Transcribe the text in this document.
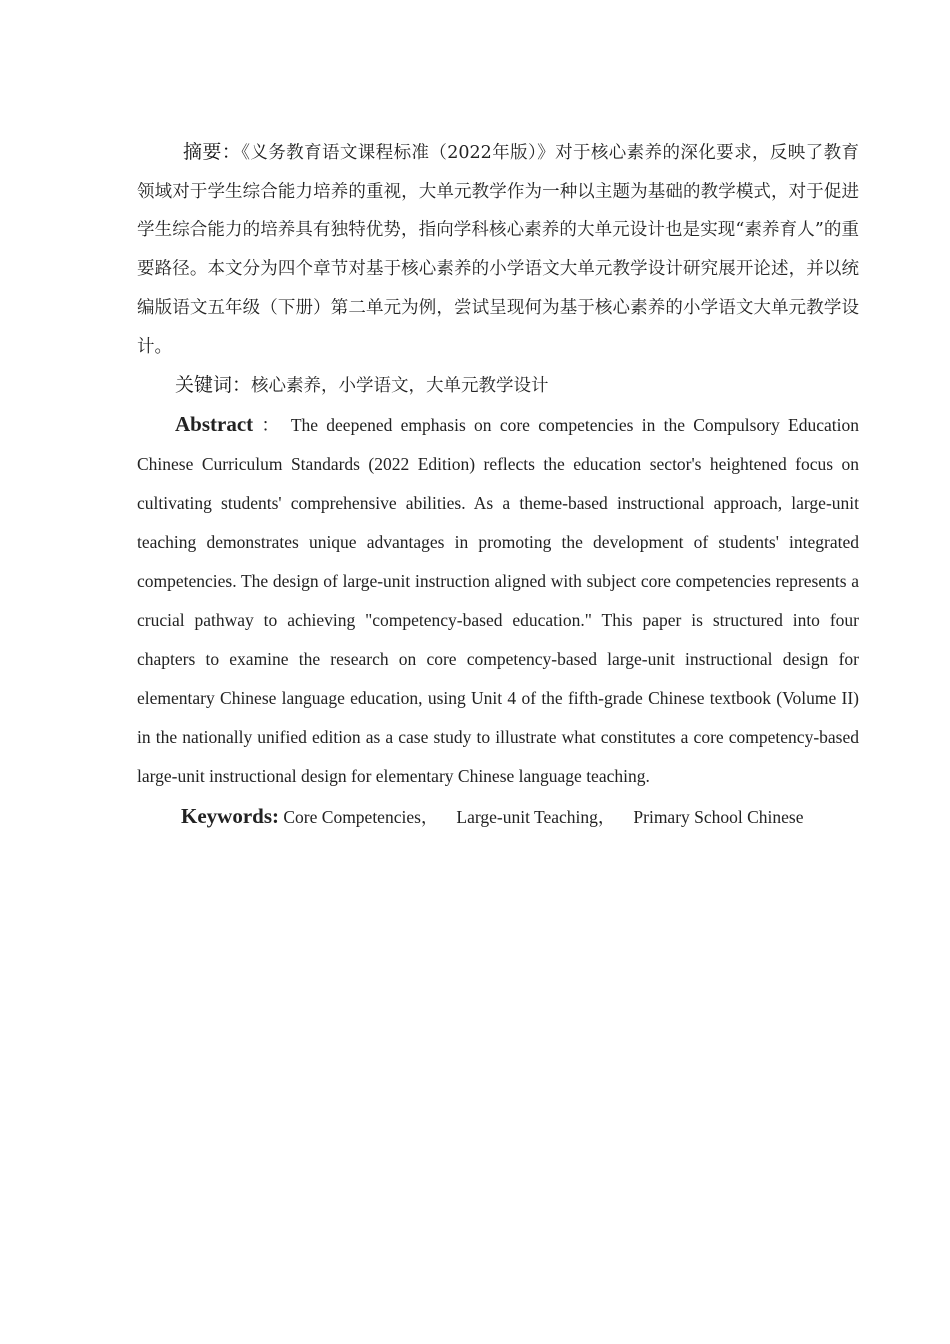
摘要：《义务教育语文课程标准（2022年版）》对于核心素养的深化要求，反映了教育领域对于学生综合能力培养的重视，大单元教学作为一种以主题为基础的教学模式，对于促进学生综合能力的培养具有独特优势，指向学科核心素养的大单元设计也是实现“素养育人”的重要路径。本文分为四个章节对基于核心素养的小学语文大单元教学设计研究展开论述，并以统编版语文五年级（下册）第二单元为例，尝试呈现何为基于核心素养的小学语文大单元教学设计。

关键词：核心素养，小学语文，大单元教学设计

Abstract ： The deepened emphasis on core competencies in the Compulsory Education Chinese Curriculum Standards (2022 Edition) reflects the education sector's heightened focus on cultivating students' comprehensive abilities. As a theme-based instructional approach, large-unit teaching demonstrates unique advantages in promoting the development of students' integrated competencies. The design of large-unit instruction aligned with subject core competencies represents a crucial pathway to achieving "competency-based education." This paper is structured into four chapters to examine the research on core competency-based large-unit instructional design for elementary Chinese language education, using Unit 4 of the fifth-grade Chinese textbook (Volume II) in the nationally unified edition as a case study to illustrate what constitutes a core competency-based large-unit instructional design for elementary Chinese language teaching.

Keywords: Core Competencies， Large-unit Teaching， Primary School Chinese
